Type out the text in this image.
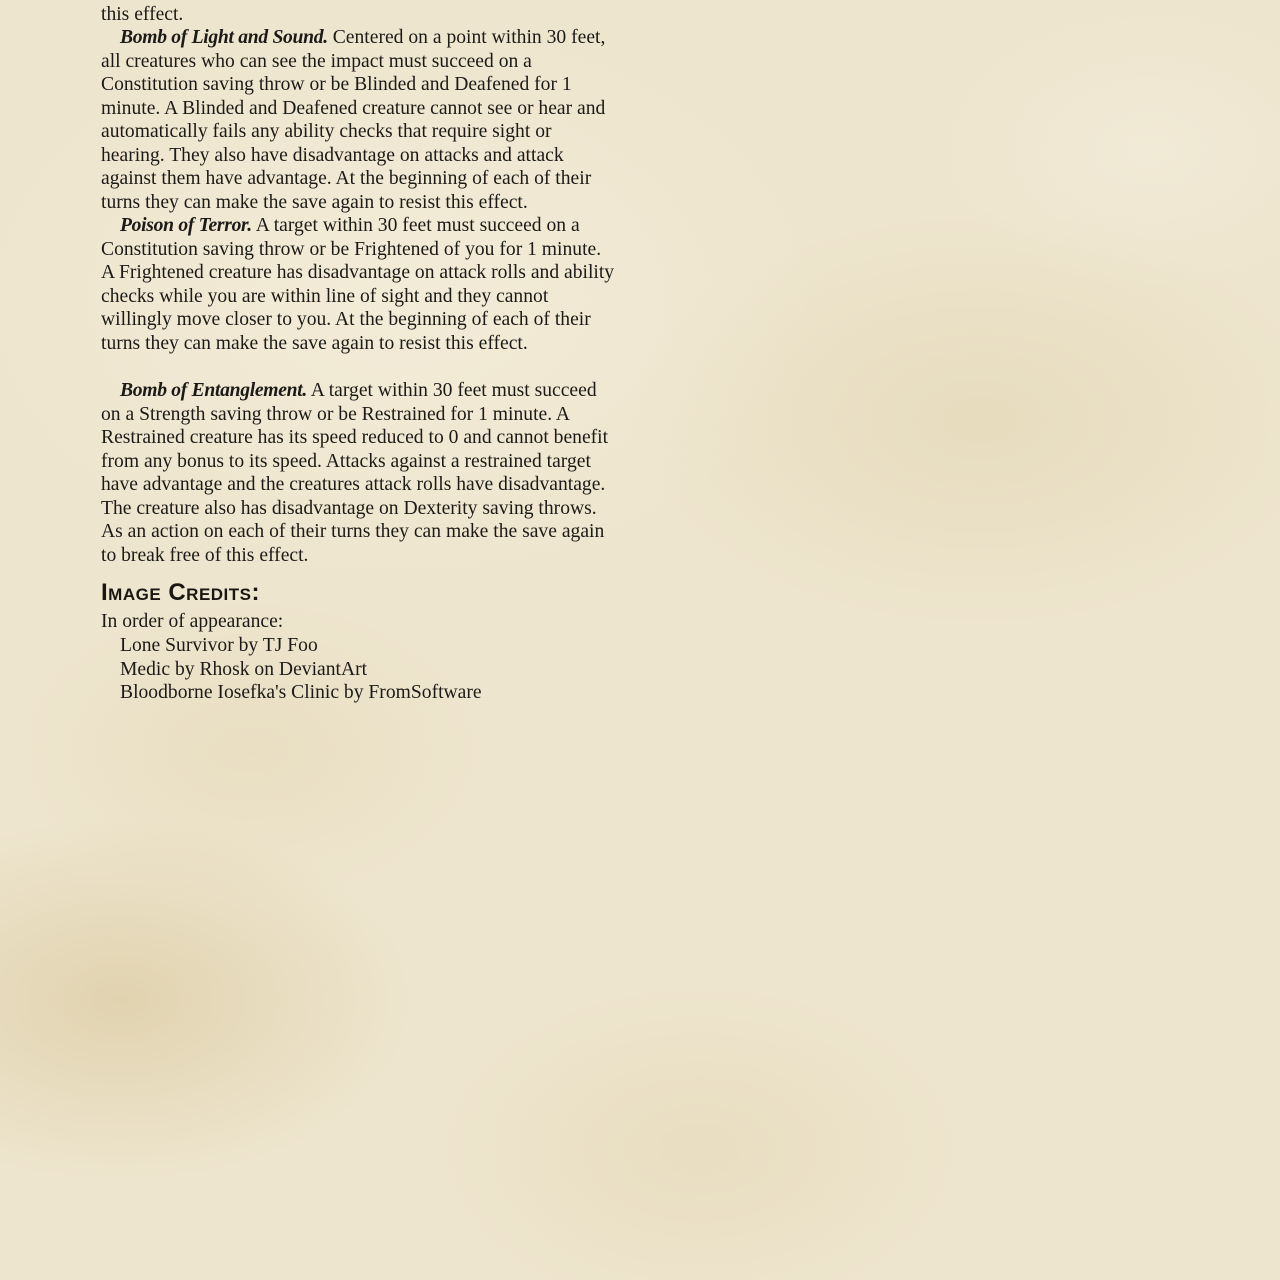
this effect.

Bomb of Light and Sound. Centered on a point within 30 feet, all creatures who can see the impact must succeed on a Constitution saving throw or be Blinded and Deafened for 1 minute. A Blinded and Deafened creature cannot see or hear and automatically fails any ability checks that require sight or hearing. They also have disadvantage on attacks and attack against them have advantage. At the beginning of each of their turns they can make the save again to resist this effect.

Poison of Terror. A target within 30 feet must succeed on a Constitution saving throw or be Frightened of you for 1 minute. A Frightened creature has disadvantage on attack rolls and ability checks while you are within line of sight and they cannot willingly move closer to you. At the beginning of each of their turns they can make the save again to resist this effect.

Bomb of Entanglement. A target within 30 feet must succeed on a Strength saving throw or be Restrained for 1 minute. A Restrained creature has its speed reduced to 0 and cannot benefit from any bonus to its speed. Attacks against a restrained target have advantage and the creatures attack rolls have disadvantage. The creature also has disadvantage on Dexterity saving throws. As an action on each of their turns they can make the save again to break free of this effect.

Image Credits:

In order of appearance:

Lone Survivor by TJ Foo
Medic by Rhosk on DeviantArt
Bloodborne Iosefka's Clinic by FromSoftware
